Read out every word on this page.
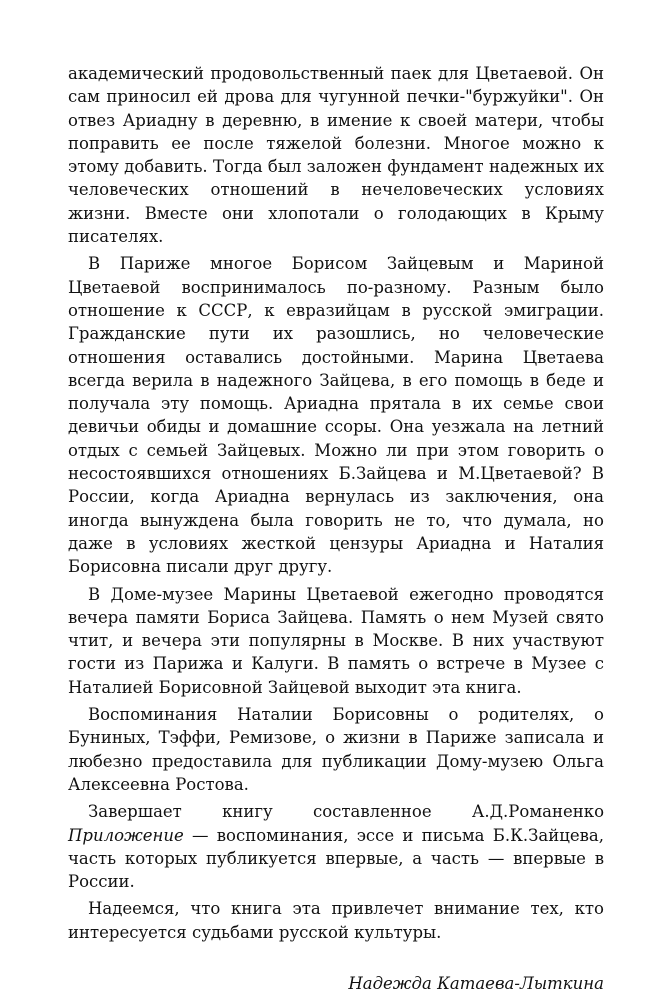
академический продовольственный паек для Цветаевой. Он сам приносил ей дрова для чугунной печки-"буржуйки". Он отвез Ариадну в деревню, в имение к своей матери, чтобы поправить ее после тяжелой болезни. Многое можно к этому добавить. Тогда был заложен фундамент надежных их человеческих отношений в нечеловеческих условиях жизни. Вместе они хлопотали о голодающих в Крыму писателях.

В Париже многое Борисом Зайцевым и Мариной Цветаевой воспринималось по-разному. Разным было отношение к СССР, к евразийцам в русской эмиграции. Гражданские пути их разошлись, но человеческие отношения оставались достойными. Марина Цветаева всегда верила в надежного Зайцева, в его помощь в беде и получала эту помощь. Ариадна прятала в их семье свои девичьи обиды и домашние ссоры. Она уезжала на летний отдых с семьей Зайцевых. Можно ли при этом говорить о несостоявшихся отношениях Б.Зайцева и М.Цветаевой? В России, когда Ариадна вернулась из заключения, она иногда вынуждена была говорить не то, что думала, но даже в условиях жесткой цензуры Ариадна и Наталия Борисовна писали друг другу.

В Доме-музее Марины Цветаевой ежегодно проводятся вечера памяти Бориса Зайцева. Память о нем Музей свято чтит, и вечера эти популярны в Москве. В них участвуют гости из Парижа и Калуги. В память о встрече в Музее с Наталией Борисовной Зайцевой выходит эта книга.

Воспоминания Наталии Борисовны о родителях, о Буниных, Тэффи, Ремизове, о жизни в Париже записала и любезно предоставила для публикации Дому-музею Ольга Алексеевна Ростова.

Завершает книгу составленное А.Д.Романенко Приложение — воспоминания, эссе и письма Б.К.Зайцева, часть которых публикуется впервые, а часть — впервые в России.

Надеемся, что книга эта привлечет внимание тех, кто интересуется судьбами русской культуры.

Надежда Катаева-Лыткина
